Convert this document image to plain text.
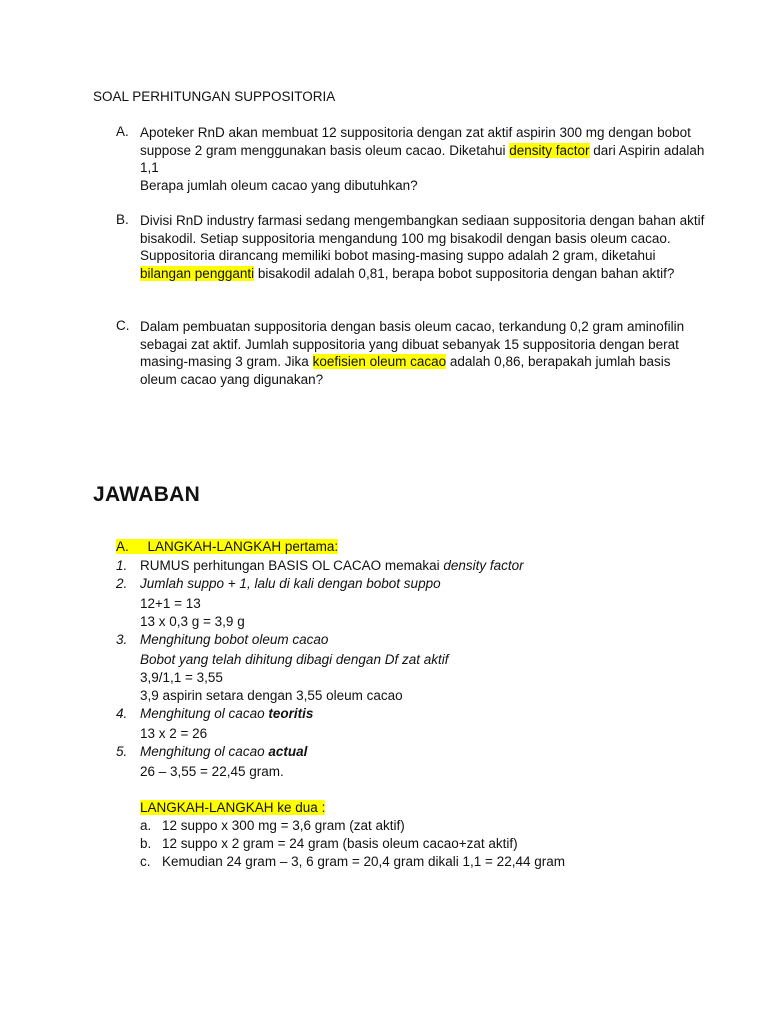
SOAL PERHITUNGAN SUPPOSITORIA
A. Apoteker RnD akan membuat 12 suppositoria dengan zat aktif aspirin 300 mg dengan bobot suppose 2 gram menggunakan basis oleum cacao. Diketahui density factor dari Aspirin adalah 1,1
Berapa jumlah oleum cacao yang dibutuhkan?
B. Divisi RnD industry farmasi sedang mengembangkan sediaan suppositoria dengan bahan aktif bisakodil. Setiap suppositoria mengandung 100 mg bisakodil dengan basis oleum cacao. Suppositoria dirancang memiliki bobot masing-masing suppo adalah 2 gram, diketahui bilangan pengganti bisakodil adalah 0,81, berapa bobot suppositoria dengan bahan aktif?
C. Dalam pembuatan suppositoria dengan basis oleum cacao, terkandung 0,2 gram aminofilin sebagai zat aktif. Jumlah suppositoria yang dibuat sebanyak 15 suppositoria dengan berat masing-masing 3 gram. Jika koefisien oleum cacao adalah 0,86, berapakah jumlah basis oleum cacao yang digunakan?
JAWABAN
A. LANGKAH-LANGKAH pertama:
1. RUMUS perhitungan BASIS OL CACAO memakai density factor
2. Jumlah suppo + 1, lalu di kali dengan bobot suppo
12+1 = 13
13 x 0,3 g = 3,9 g
3. Menghitung bobot oleum cacao
Bobot yang telah dihitung dibagi dengan Df zat aktif
3,9/1,1 = 3,55
3,9 aspirin setara dengan 3,55 oleum cacao
4. Menghitung ol cacao teoritis
13 x 2 = 26
5. Menghitung ol cacao actual
26 – 3,55 = 22,45 gram.
LANGKAH-LANGKAH ke dua :
a. 12 suppo x 300 mg = 3,6 gram (zat aktif)
b. 12 suppo x 2 gram = 24 gram (basis oleum cacao+zat aktif)
c. Kemudian 24 gram – 3, 6 gram = 20,4 gram dikali 1,1 = 22,44 gram
